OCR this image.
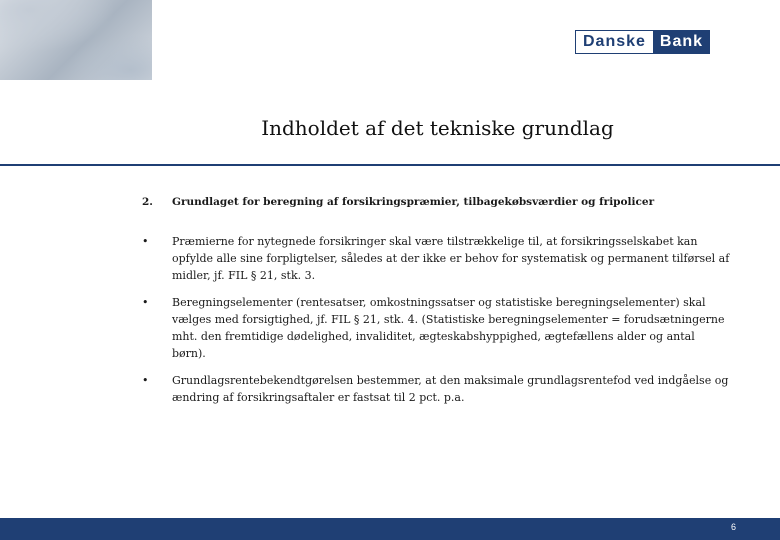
Danske Bank
Indholdet af det tekniske grundlag
2.	Grundlaget for beregning af forsikringspræmier, tilbagekøbsværdier og fripolicer
•	Præmierne for nytegnede forsikringer skal være tilstrækkelige til, at forsikringsselskabet kan opfylde alle sine forpligtelser, således at der ikke er behov for systematisk og permanent tilførsel af midler, jf. FIL § 21, stk. 3.
•	Beregningselementer (rentesatser, omkostningssatser og statistiske beregningselementer) skal vælges med forsigtighed, jf. FIL § 21, stk. 4. (Statistiske beregningselementer = forudsætningerne mht. den fremtidige dødelighed, invaliditet, ægteskabshyppighed, ægtefællens alder og antal børn).
•	Grundlagsrentebekendtgørelsen bestemmer, at den maksimale grundlagsrentefod ved indgåelse og ændring af forsikringsaftaler er fastsat til 2 pct. p.a.
6
